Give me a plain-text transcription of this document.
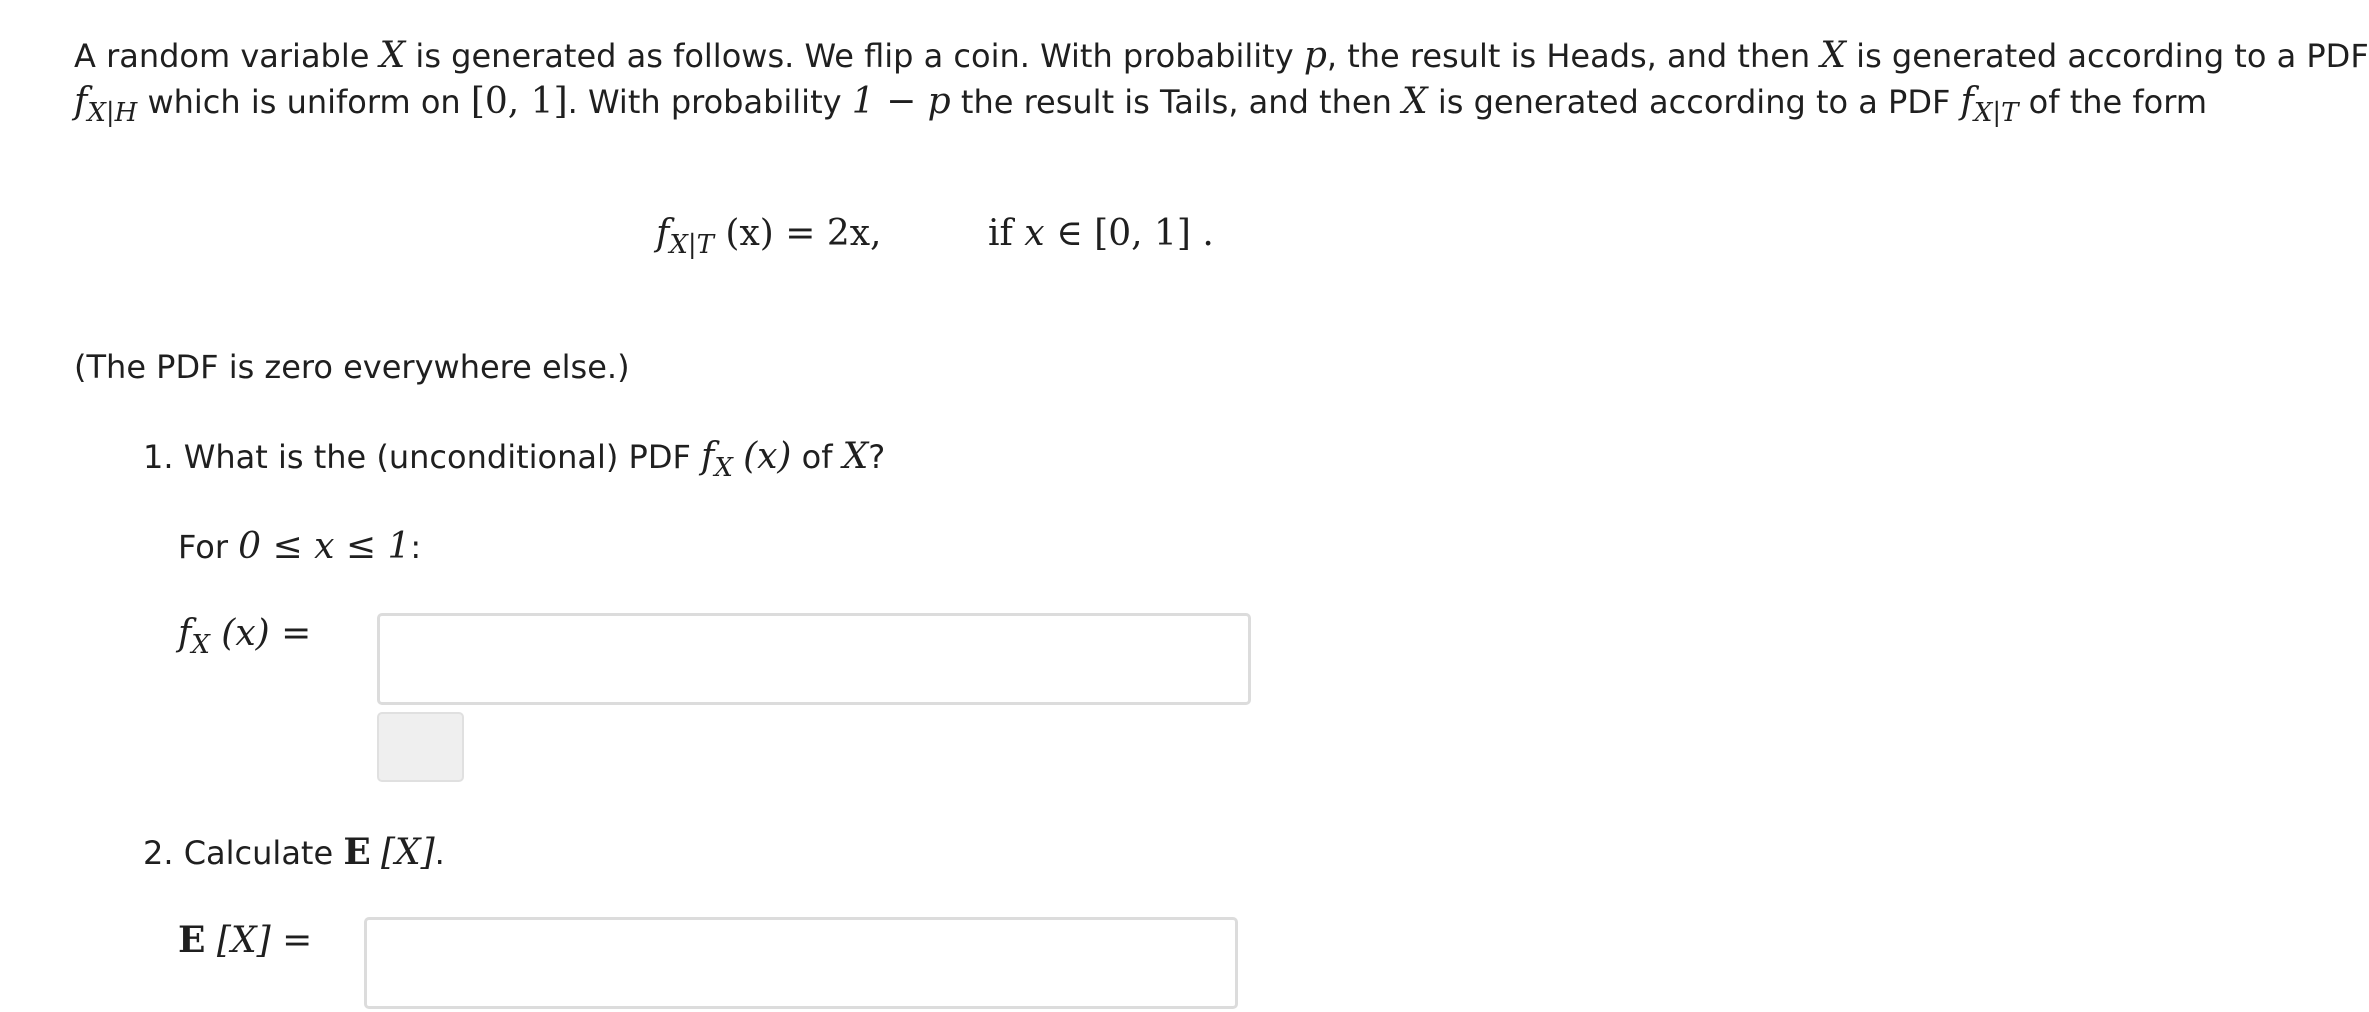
A random variable X is generated as follows. We flip a coin. With probability p, the result is Heads, and then X is generated according to a PDF
$f_{X|H}$ which is uniform on [0, 1]. With probability 1 − p the result is Tails, and then X is generated according to a PDF $f_{X|T}$ of the form
$f_{X|T}$ (x) = 2x,	if x ∈ [0, 1] .
(The PDF is zero everywhere else.)
1. What is the (unconditional) PDF $f_X$ (x) of X?
For 0 ≤ x ≤ 1:
$f_X$ (x) =
2. Calculate E [X].
E [X] =
